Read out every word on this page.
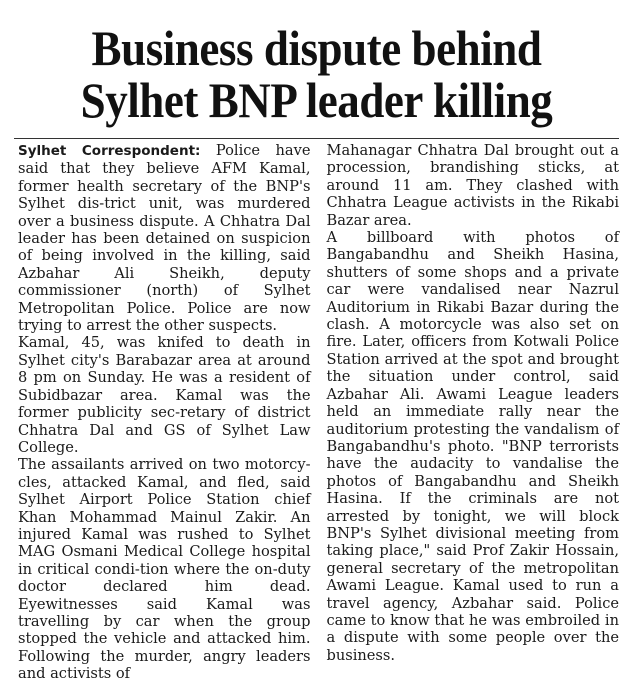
Business dispute behind
Sylhet BNP leader killing

Sylhet Correspondent: Police have said that they believe AFM Kamal, former health secretary of the BNP's Sylhet dis-trict unit, was murdered over a business dispute. A Chhatra Dal leader has been detained on suspicion of being involved in the killing, said Azbahar Ali Sheikh, deputy commissioner (north) of Sylhet Metropolitan Police. Police are now trying to arrest the other suspects.

Kamal, 45, was knifed to death in Sylhet city's Barabazar area at around 8 pm on Sunday. He was a resident of Subidbazar area. Kamal was the former publicity sec-retary of district Chhatra Dal and GS of Sylhet Law College.

The assailants arrived on two motorcy-cles, attacked Kamal, and fled, said Sylhet Airport Police Station chief Khan Mohammad Mainul Zakir. An injured Kamal was rushed to Sylhet MAG Osmani Medical College hospital in critical condi-tion where the on-duty doctor declared him dead. Eyewitnesses said Kamal was travelling by car when the group stopped the vehicle and attacked him. Following the murder, angry leaders and activists of

Mahanagar Chhatra Dal brought out a procession, brandishing sticks, at around 11 am. They clashed with Chhatra League activists in the Rikabi Bazar area.

A billboard with photos of Bangabandhu and Sheikh Hasina, shutters of some shops and a private car were vandalised near Nazrul Auditorium in Rikabi Bazar during the clash. A motorcycle was also set on fire. Later, officers from Kotwali Police Station arrived at the spot and brought the situation under control, said Azbahar Ali. Awami League leaders held an immediate rally near the auditorium protesting the vandalism of Bangabandhu's photo. "BNP terrorists have the audacity to vandalise the photos of Bangabandhu and Sheikh Hasina. If the criminals are not arrested by tonight, we will block BNP's Sylhet divisional meeting from taking place," said Prof Zakir Hossain, general secretary of the metropolitan Awami League. Kamal used to run a travel agency, Azbahar said. Police came to know that he was embroiled in a dispute with some people over the business.
